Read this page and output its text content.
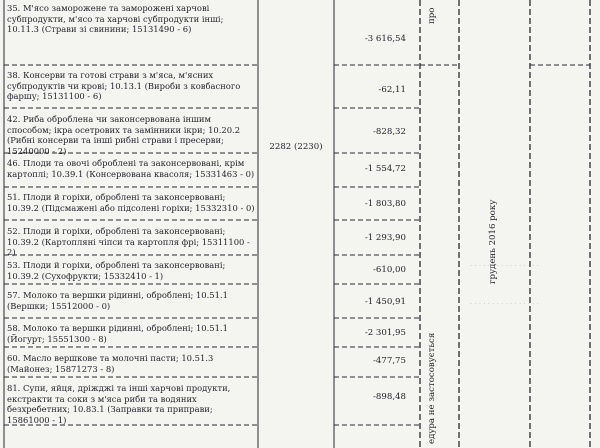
· · · · · · · · · · · · · · · ·
· · · · · · · · · · · · · · · ·
35. М'ясо заморожене та заморожені харчові субпродукти, м'ясо та харчові субпродукти інші; 10.11.3 (Страви зі свинини; 15131490 - 6)
38. Консерви та готові страви з м'яса, м'ясних субпродуктів чи крові; 10.13.1 (Вироби з ковбасного фаршу; 15131100 - 6)
42. Риба оброблена чи законсервована іншим способом; ікра осетрових та замінники ікри; 10.20.2 (Рибні консерви та інші рибні страви і пресерви; 15240000 - 2)
46. Плоди та овочі оброблені та законсервовані, крім картоплі; 10.39.1 (Консервована квасоля; 15331463 - 0)
51. Плоди й горіхи, оброблені та законсервовані; 10.39.2 (Підсмажені або підсолені горіхи; 15332310 - 0)
52. Плоди й горіхи, оброблені та законсервовані; 10.39.2 (Картопляні чіпси та картопля фрі; 15311100 - 2)
53. Плоди й горіхи, оброблені та законсервовані; 10.39.2 (Сухофрукти; 15332410 - 1)
57. Молоко та вершки рідинні, оброблені; 10.51.1 (Вершки; 15512000 - 0)
58. Молоко та вершки рідинні, оброблені; 10.51.1 (Йогурт; 15551300 - 8)
60. Масло вершкове та молочні пасти; 10.51.3 (Майонез; 15871273 - 8)
81. Супи, яйця, дріжджі та інші харчові продукти, екстракти та соки з м'яса риби та водяних безхребетних; 10.83.1 (Заправки та приправи; 15861000 - 1)
2282 (2230)
-3 616,54
-62,11
-828,32
-1 554,72
-1 803,80
-1 293,90
-610,00
-1 450,91
-2 301,95
-477,75
-898,48
про
едура не застосовується
грудень 2016 року
